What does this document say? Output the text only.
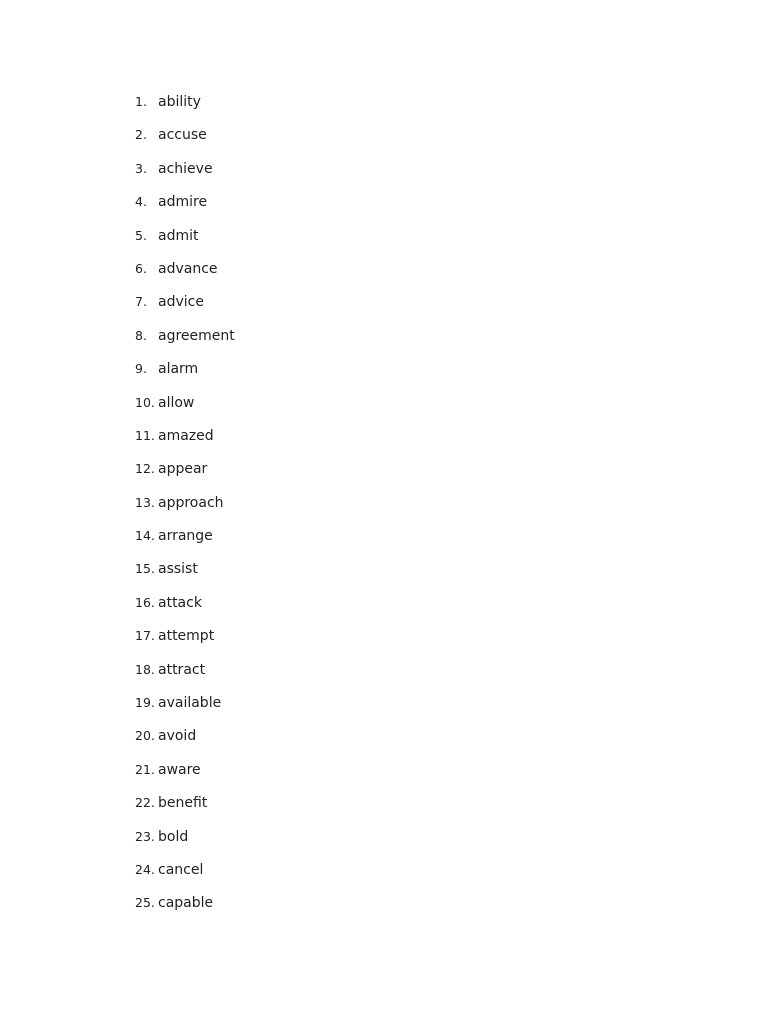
1. ability
2. accuse
3. achieve
4. admire
5. admit
6. advance
7. advice
8. agreement
9. alarm
10. allow
11. amazed
12. appear
13. approach
14. arrange
15. assist
16. attack
17. attempt
18. attract
19. available
20. avoid
21. aware
22. benefit
23. bold
24. cancel
25. capable
